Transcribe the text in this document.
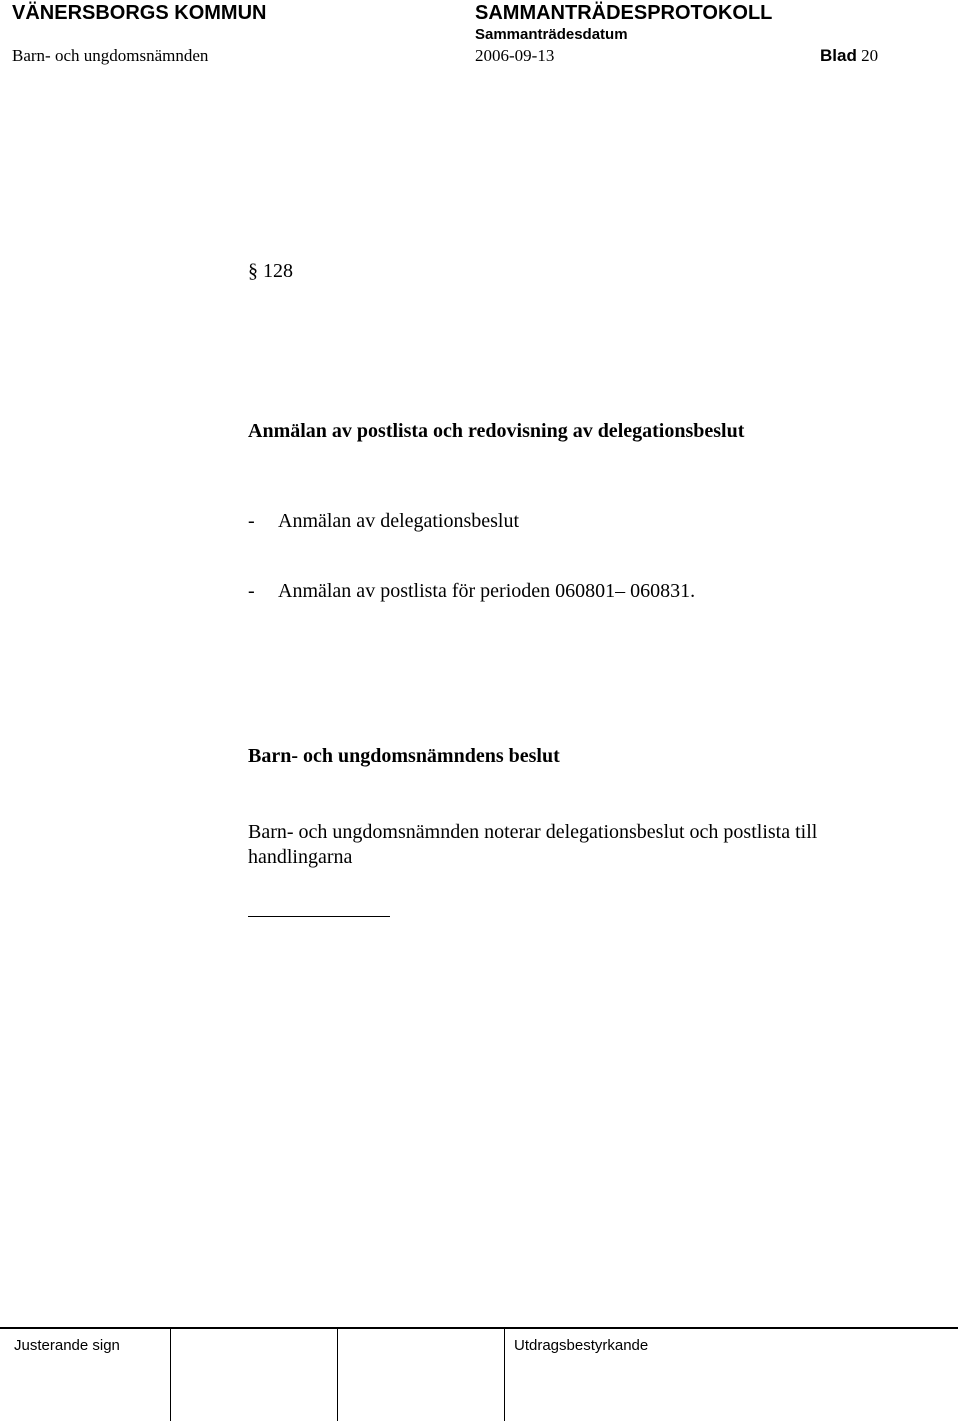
VÄNERSBORGS KOMMUN	SAMMANTRÄDESPROTOKOLL
Sammanträdesdatum
Barn- och ungdomsnämnden	2006-09-13	Blad 20
§ 128
Anmälan av postlista och redovisning av delegationsbeslut
- Anmälan av delegationsbeslut
- Anmälan av postlista för perioden 060801– 060831.
Barn- och ungdomsnämndens beslut
Barn- och ungdomsnämnden noterar delegationsbeslut och postlista till handlingarna
Justerande sign	Utdragsbestyrkande
